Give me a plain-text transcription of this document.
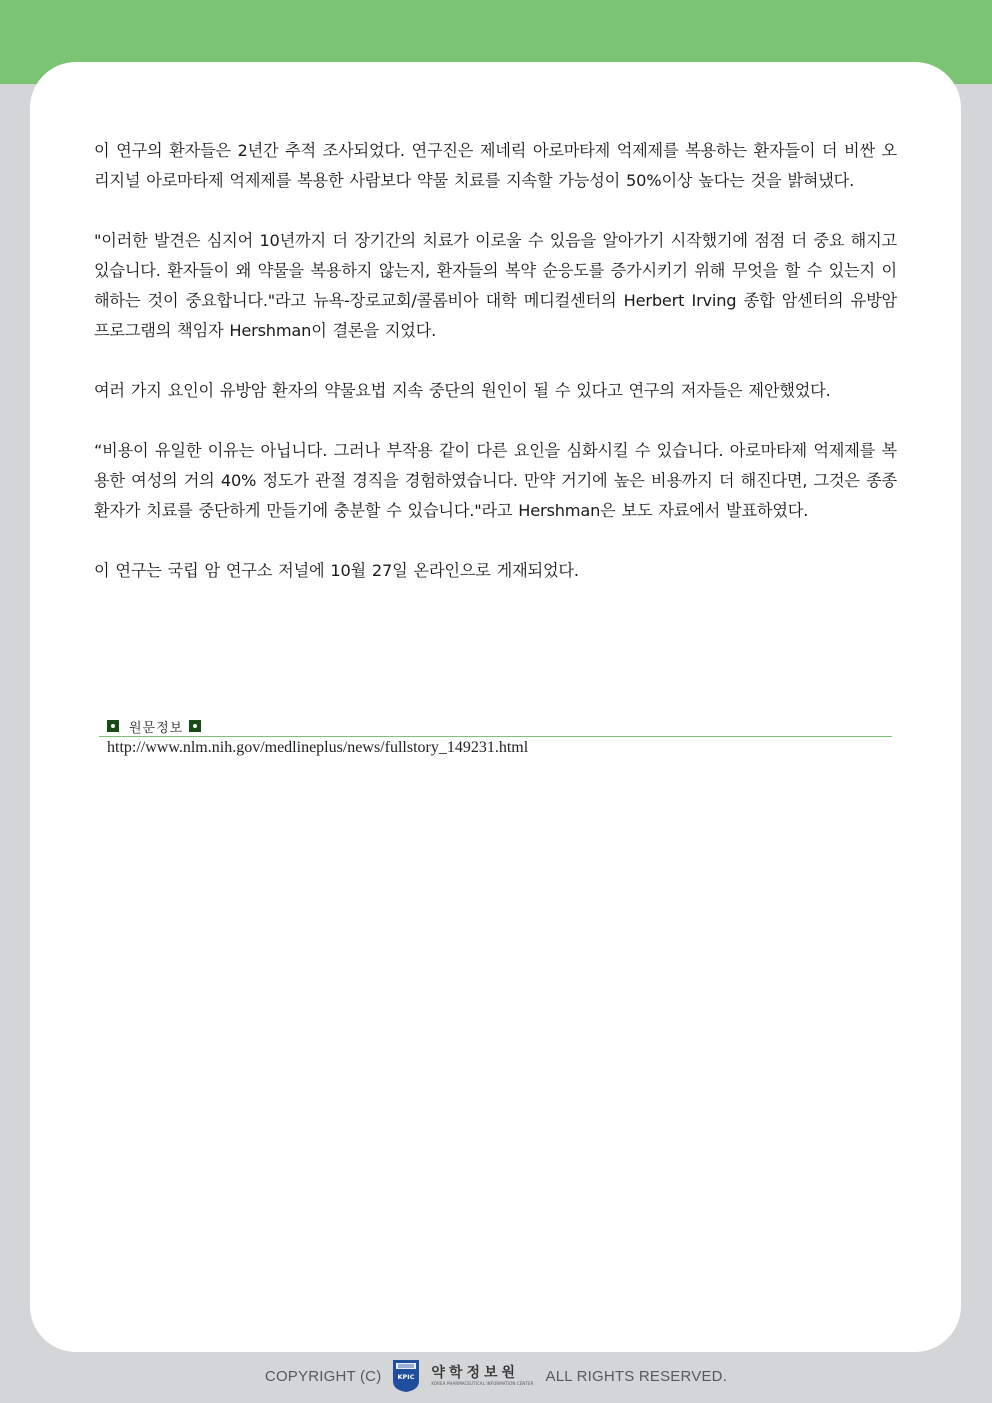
이 연구의 환자들은 2년간 추적 조사되었다. 연구진은 제네릭 아로마타제 억제제를 복용하는 환자들이 더 비싼 오리지널 아로마타제 억제제를 복용한 사람보다 약물 치료를 지속할 가능성이 50%이상 높다는 것을 밝혀냈다.

"이러한 발견은 심지어 10년까지 더 장기간의 치료가 이로울 수 있음을 알아가기 시작했기에 점점 더 중요 해지고 있습니다. 환자들이 왜 약물을 복용하지 않는지, 환자들의 복약 순응도를 증가시키기 위해 무엇을 할 수 있는지 이해하는 것이 중요합니다."라고 뉴욕-장로교회/콜롬비아 대학 메디컬센터의 Herbert Irving 종합 암센터의 유방암 프로그램의 책임자 Hershman이 결론을 지었다.

여러 가지 요인이 유방암 환자의 약물요법 지속 중단의 원인이 될 수 있다고 연구의 저자들은 제안했었다.

“비용이 유일한 이유는 아닙니다. 그러나 부작용 같이 다른 요인을 심화시킬 수 있습니다. 아로마타제 억제제를 복용한 여성의 거의 40% 정도가 관절 경직을 경험하였습니다. 만약 거기에 높은 비용까지 더 해진다면, 그것은 종종 환자가 치료를 중단하게 만들기에 충분할 수 있습니다."라고 Hershman은 보도 자료에서 발표하였다.

이 연구는 국립 암 연구소 저널에 10월 27일 온라인으로 게재되었다.

원문정보
http://www.nlm.nih.gov/medlineplus/news/fullstory_149231.html
COPYRIGHT (C)	KPIC 약학정보원
KOREA PHARMACEUTICAL INFORMATION CENTER ALL RIGHTS RESERVED.
